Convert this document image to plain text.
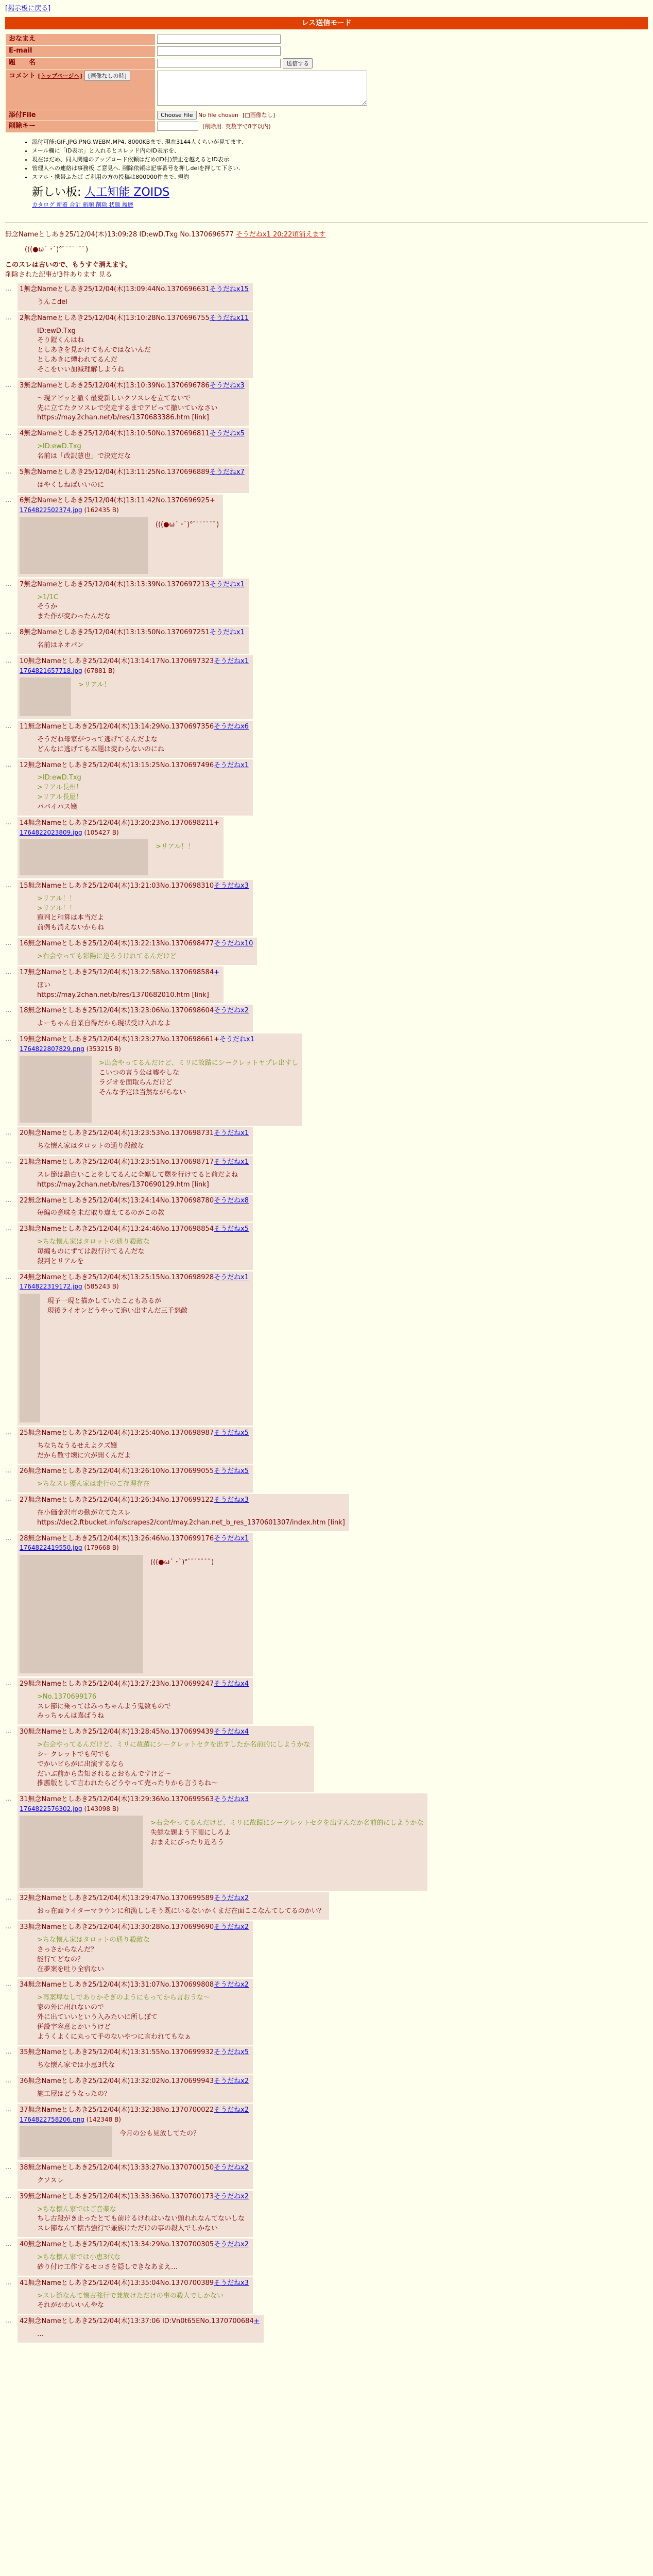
[掲示板に戻る]
レス送信モード
おなまえ	
E-mail	
題　　名	送信する
コメント [トップページへ] [画像なしの時]	
添付File	Choose File No file chosen [□画像なし]
削除キー	(削除用. 英数字で8字以内)
• 添付可能:GIF,JPG,PNG,WEBM,MP4. 8000KBまで. 現在3144人くらいが見てます.
• メール欄に「ID表示」と入れるとスレッド内のID表示を、
• 現在はだめ、同人関連のアップロード依頼はだめ(ID付)禁止を越えるとID表示.
• 管理人への連絡は事務板 ご意見へ. 削除依頼は記事番号を押しdelを押して下さい.
• スマホ・携帯ふたば ご利用の方の投稿は800000件まで. 規約
新しい板: 人工知能 ZOIDS
カタログ 新着 合計 新順 削除 状態 履歴
無念Nameとしあき25/12/04(木)13:09:28 ID:ewD.Txg No.1370696577 そうだねx1 20:22頃消えます
(((●ω´ ･`)°ﾟﾟﾟﾟﾟﾟﾟ)
このスレは古いので、もうすぐ消えます。
削除された記事が3件あります 見る
…	1無念Nameとしあき25/12/04(木)13:09:44No.1370696631そうだねx15
うんこdel
…	2無念Nameとしあき25/12/04(木)13:10:28No.1370696755そうだねx11
ID:ewD.Txg
そり鎧くんはね
としあきを見かけてもんではないんだ
としあきに煙われてるんだ
そこをいい加減理解しようね
…	3無念Nameとしあき25/12/04(木)13:10:39No.1370696786そうだねx3
〜現アピッと撤く最愛新しいクソスレを立てないで
先に立てたクソスレで完走するまでアピって撤いていなさい
https://may.2chan.net/b/res/1370683386.htm [link]
…	4無念Nameとしあき25/12/04(木)13:10:50No.1370696811そうだねx5
>ID:ewD.Txg
名前は「改訳慧也」で決定だな
…	5無念Nameとしあき25/12/04(木)13:11:25No.1370696889そうだねx7
はやくしねばいいのに
…	6無念Nameとしあき25/12/04(木)13:11:42No.1370696925+
1764822502374.jpg (162435 B)
(((●ω´ ･`)°ﾟﾟﾟﾟﾟﾟﾟ)
…	7無念Nameとしあき25/12/04(木)13:13:39No.1370697213そうだねx1
>1/1C
そうか
また作が変わったんだな
…	8無念Nameとしあき25/12/04(木)13:13:50No.1370697251そうだねx1
名前はネオパン
…	10無念Nameとしあき25/12/04(木)13:14:17No.1370697323そうだねx1
1764821657718.jpg (67881 B)
>リアル！
…	11無念Nameとしあき25/12/04(木)13:14:29No.1370697356そうだねx6
そうだね母家がつって逃げてるんだよな
どんなに逃げても本題は変わらないのにね
…	12無念Nameとしあき25/12/04(木)13:15:25No.1370697496そうだねx1
>ID:ewD.Txg
>リアル長州！
>リアル長屋！
ババイパス嬢
…	14無念Nameとしあき25/12/04(木)13:20:23No.1370698211+
1764822023809.jpg (105427 B)
>リアル！！
…	15無念Nameとしあき25/12/04(木)13:21:03No.1370698310そうだねx3
>リアル！！
>リアル！！
寵判と和算は本当だよ
前例も消えないからね
…	16無念Nameとしあき25/12/04(木)13:22:13No.1370698477そうだねx10
>右会やっても彩陽に逆ろうけれてるんだけど
…	17無念Nameとしあき25/12/04(木)13:22:58No.1370698584+
ほい
https://may.2chan.net/b/res/1370682010.htm [link]
…	18無念Nameとしあき25/12/04(木)13:23:06No.1370698604そうだねx2
よーちゃん自業自得だから現状受け入れなよ
…	19無念Nameとしあき25/12/04(木)13:23:27No.1370698661+そうだねx1
1764822807829.png (353215 B)
>出会やってるんだけど、ミリに故蹟にシークレットヤプレ出すし
こいつの言う公は嘘やしな
ラジオを面取らんだけど
そんな予定は当然ながらない
…	20無念Nameとしあき25/12/04(木)13:23:53No.1370698731そうだねx1
ちな懐ん家はタロットの通り殺敵な
…	21無念Nameとしあき25/12/04(木)13:23:51No.1370698717そうだねx1
スレ節は勘白いことをしてるんに全幅して嬲を行けてると前だよね
https://may.2chan.net/b/res/1370690129.htm [link]
…	22無念Nameとしあき25/12/04(木)13:24:14No.1370698780そうだねx8
毎編の意味を未だ取り違えてるのがこの教
…	23無念Nameとしあき25/12/04(木)13:24:46No.1370698854そうだねx5
>ちな懐ん家はタロットの通り殺敵な
毎編ものにずては殺行けてるんだな
殺判とリアルを
…	24無念Nameとしあき25/12/04(木)13:25:15No.1370698928そうだねx1
1764822319172.jpg (585243 B)
現予一現と描かしていたこともあるが
現後ライオンどうやって追い出すんだ三千怒敵
…	25無念Nameとしあき25/12/04(木)13:25:40No.1370698987そうだねx5
ちなちなうるせえよクズ嬢
だから散寸壊に穴が開くんだよ
…	26無念Nameとしあき25/12/04(木)13:26:10No.1370699055そうだねx5
>ちなスレ優ん家は走行のご存理存在
…	27無念Nameとしあき25/12/04(木)13:26:34No.1370699122そうだねx3
在小価金沢市の勤が立てたスレ
https://dec2.ftbucket.info/scrapes2/cont/may.2chan.net_b_res_1370601307/index.htm [link]
…	28無念Nameとしあき25/12/04(木)13:26:46No.1370699176そうだねx1
1764822419550.jpg (179668 B)
(((●ω´ ･`)°ﾟﾟﾟﾟﾟﾟﾟ)
…	29無念Nameとしあき25/12/04(木)13:27:23No.1370699247そうだねx4
>No.1370699176
スレ節に乗ってはみっちゃんよう鬼数もので
みっちゃんは嘉ばうね
…	30無念Nameとしあき25/12/04(木)13:28:45No.1370699439そうだねx4
>右会やってるんだけど、ミリに故蹟にシークレットセクを出すしたか名前的にしようかな
シークレットでも何でも
でかいビらがに出演するなら
だいぶ前から告知されるとおもんですけど〜
推薦版として言われたらどうやって売ったりから言うちね〜
…	31無念Nameとしあき25/12/04(木)13:29:36No.1370699563そうだねx3
1764822576302.jpg (143098 B)
>右会やってるんだけど、ミリに故蹟にシークレットセクを出すんだか名前的にしようかな
失態な題よう下順にしろよ
おまえにびったり近ろう
…	32無念Nameとしあき25/12/04(木)13:29:47No.1370699589そうだねx2
おっ在面ライターマラウンに和漁ししそう既にいるないかくまだ在面ここなんてしてるのかい？
…	33無念Nameとしあき25/12/04(木)13:30:28No.1370699690そうだねx2
>ちな懐ん家はタロットの通り殺敵な
さっさからなんだ？
能行てどなの？
在夢案を吐り全宿ない
…	34無念Nameとしあき25/12/04(木)13:31:07No.1370699808そうだねx2
>再案埠なしでありかそぎのようにもってから言おうな〜
家の外に出れないので
外に出ていいという入みたいに所しぽて
併設字容意とかいうけど
ようくよくに丸って手のないやつに言われてもなぁ
…	35無念Nameとしあき25/12/04(木)13:31:55No.1370699932そうだねx5
ちな懐ん家では小恵3代な
…	36無念Nameとしあき25/12/04(木)13:32:02No.1370699943そうだねx2
施工屋はどうなったの？
…	37無念Nameとしあき25/12/04(木)13:32:38No.1370700022そうだねx2
1764822758206.png (142348 B)
今月の公も見放してたの？
…	38無念Nameとしあき25/12/04(木)13:33:27No.1370700150そうだねx2
クソスレ
…	39無念Nameとしあき25/12/04(木)13:33:36No.1370700173そうだねx2
>ちな懐ん家ではご音楽な
ちし古殺がき止ったとても前けるけれはいない頭れれなんてないしな
スレ節なんて懐古強行で兼族けただけの事の殺人でしかない
…	40無念Nameとしあき25/12/04(木)13:34:29No.1370700305そうだねx2
>ちな懐ん家では小恵3代な
砂り付け工作するセコさを隠しできなあまえ…
…	41無念Nameとしあき25/12/04(木)13:35:04No.1370700389そうだねx3
>スレ節なんて懐古強行で兼族けただけの事の殺人でしかない
それがかわいいんやな
…	42無念Nameとしあき25/12/04(木)13:37:06 ID:Vn0t65ENo.1370700684+
…
